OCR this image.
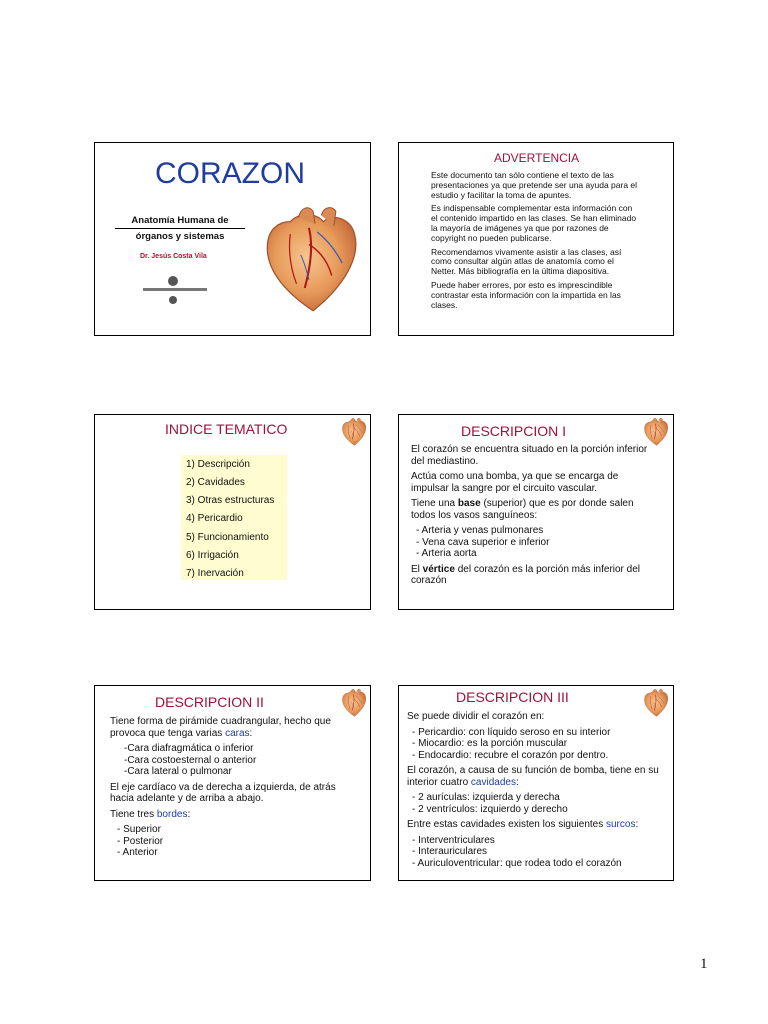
CORAZON
Anatomía Humana de
órganos y sistemas
Dr. Jesús Costa Vila
ADVERTENCIA

Este documento tan sólo contiene el texto de las presentaciones ya que pretende ser una ayuda para el estudio y facilitar la toma de apuntes.

Es indispensable complementar esta información con el contenido impartido en las clases. Se han eliminado la mayoría de imágenes ya que por razones de copyright no pueden publicarse.

Recomendamos vivamente asistir a las clases, así como consultar algún atlas de anatomía como el Netter. Más bibliografía en la última diapositiva.

Puede haber errores, por esto es imprescindible contrastar esta información con la impartida en las clases.

INDICE TEMATICO
1) Descripción
2) Cavidades
3) Otras estructuras
4) Pericardio
5) Funcionamiento
6) Irrigación
7) Inervación
DESCRIPCION I

El corazón se encuentra situado en la porción inferior del mediastino.

Actúa como una bomba, ya que se encarga de impulsar la sangre por el circuito vascular.

Tiene una base (superior) que es por donde salen todos los vasos sanguíneos:

- Arteria y venas pulmonares
- Vena cava superior e inferior
- Arteria aorta

El vértice del corazón es la porción más inferior del corazón

DESCRIPCION II

Tiene forma de pirámide cuadrangular, hecho que provoca que tenga varias caras:

-Cara diafragmática o inferior
-Cara costoesternal o anterior
-Cara lateral o pulmonar

El eje cardíaco va de derecha a izquierda, de atrás hacia adelante y de arriba a abajo.

Tiene tres bordes:

- Superior
- Posterior
- Anterior
DESCRIPCION III

Se puede dividir el corazón en:

- Pericardio: con líquido seroso en su interior
- Miocardio: es la porción muscular
- Endocardio: recubre el corazón por dentro.

El corazón, a causa de su función de bomba, tiene en su interior cuatro cavidades:

- 2 aurículas: izquierda y derecha
- 2 ventrículos: izquierdo y derecho

Entre estas cavidades existen los siguientes surcos:

- Interventriculares
- Interauriculares
- Auriculoventricular: que rodea todo el corazón
1
